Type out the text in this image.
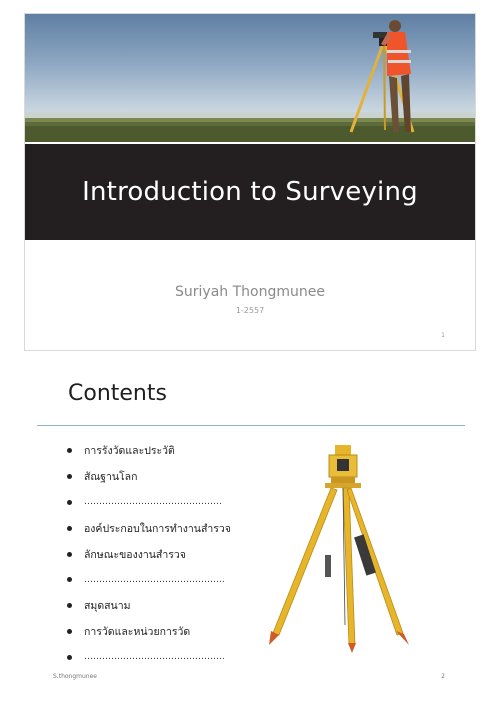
Introduction to Surveying
Suriyah Thongmunee
1-2557
1
Contents
การรังวัดและประวัติ
สัณฐานโลก
……………………………………….
องค์ประกอบในการทำงานสำรวจ
ลักษณะของงานสำรวจ
………………………………………..
สมุดสนาม
การวัดและหน่วยการวัด
………………………………………..
S.thongmunee	2
